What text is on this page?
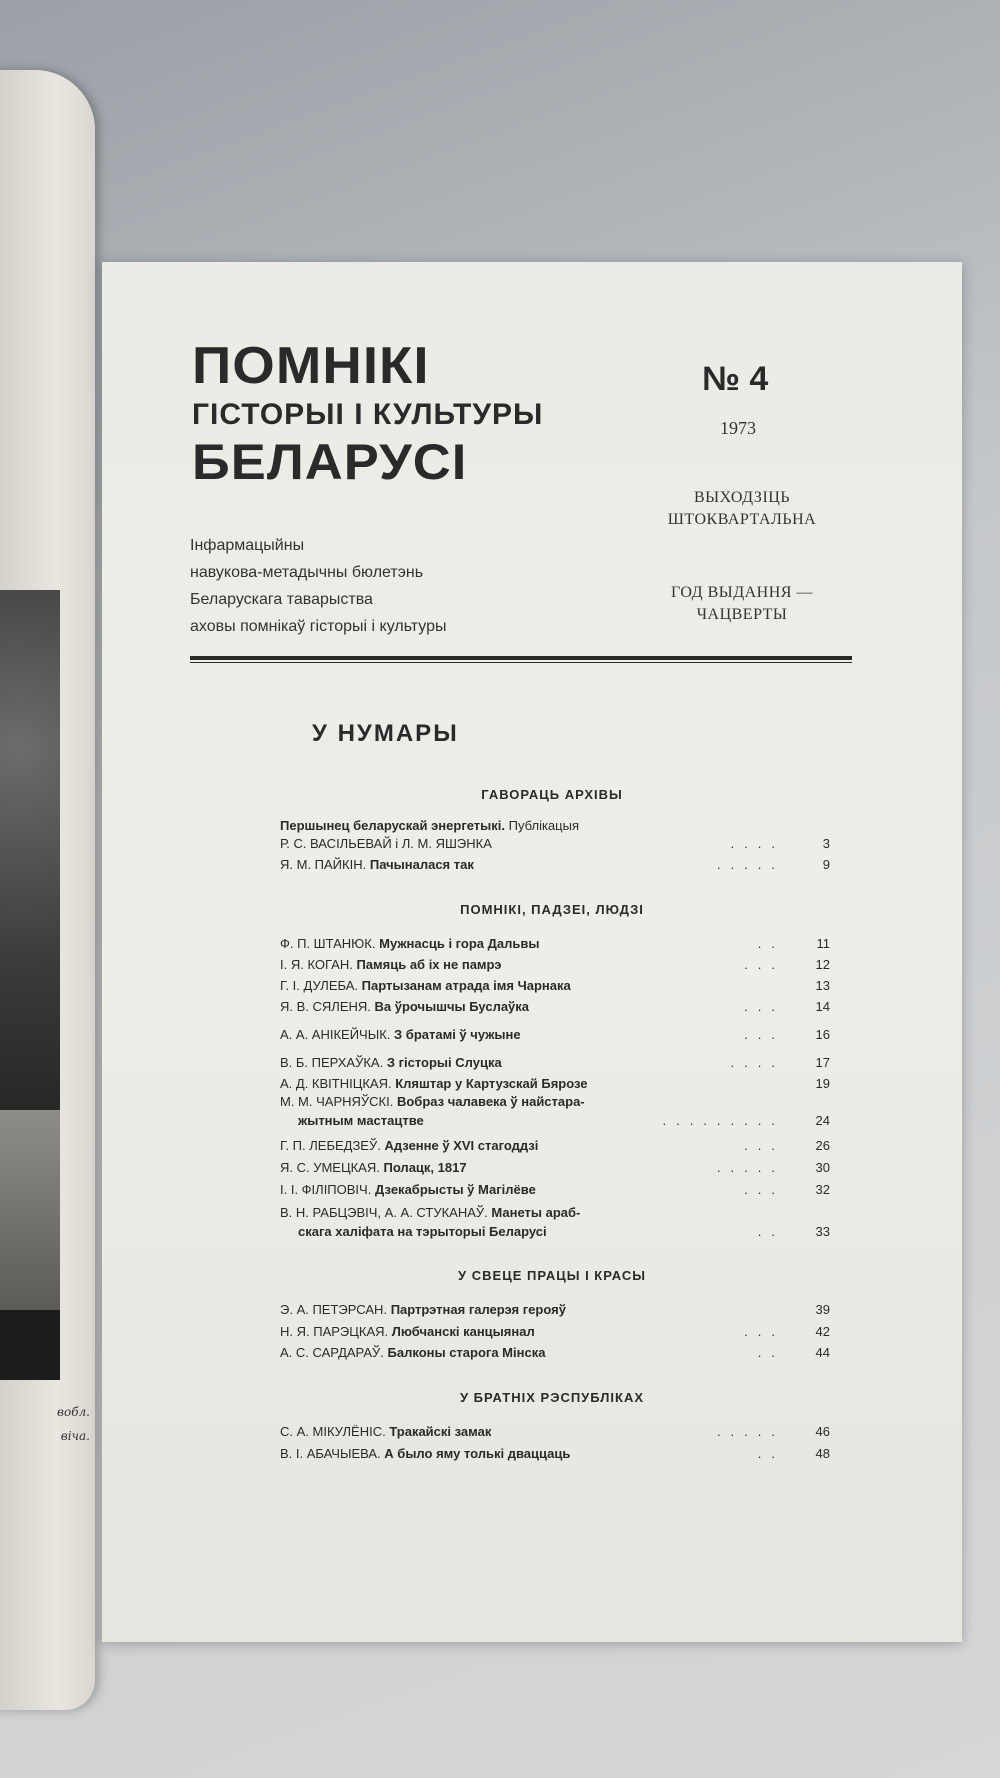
вобл.
віча.
ПОМНІКІ
ГІСТОРЫІ І КУЛЬТУРЫ
БЕЛАРУСІ
№ 4
1973
ВЫХОДЗІЦЬ
ШТОКВАРТАЛЬНА
ГОД ВЫДАННЯ —
ЧАЦВЕРТЫ
Інфармацыйны
навукова-метадычны бюлетэнь
Беларускага таварыства
аховы помнікаў гісторыі і культуры
У НУМАРЫ
ГАВОРАЦЬ АРХІВЫ
Першынец беларускай энергетыкі. Публікацыя
Р. С. ВАСІЛЬЕВАЙ і Л. М. ЯШЭНКА	....	3
Я. М. ПАЙКІН. Пачыналася так	.....	9
ПОМНІКІ, ПАДЗЕІ, ЛЮДЗІ
Ф. П. ШТАНЮК. Мужнасць і гора Дальвы	..	11
І. Я. КОГАН. Памяць аб іх не памрэ	...	12
Г. І. ДУЛЕБА. Партызанам атрада імя Чарнака	13
Я. В. СЯЛЕНЯ. Ва ўрочышчы Буслаўка	...	14
А. А. АНІКЕЙЧЫК. З братамі ў чужыне	...	16
В. Б. ПЕРХАЎКА. З гісторыі Слуцка	....	17
А. Д. КВІТНІЦКАЯ. Кляштар у Картузскай Бярозе	19
М. М. ЧАРНЯЎСКІ. Вобраз чалавека ў найстара-
жытным мастацтве	.........	24
Г. П. ЛЕБЕДЗЕЎ. Адзенне ў XVI стагоддзі	...	26
Я. С. УМЕЦКАЯ. Полацк, 1817	.....	30
І. І. ФІЛІПОВІЧ. Дзекабрысты ў Магілёве	...	32
В. Н. РАБЦЭВІЧ, А. А. СТУКАНАЎ. Манеты араб-
скага халіфата на тэрыторыі Беларусі	..	33
У СВЕЦЕ ПРАЦЫ І КРАСЫ
Э. А. ПЕТЭРСАН. Партрэтная галерэя герояў	39
Н. Я. ПАРЭЦКАЯ. Любчанскі канцыянал	...	42
А. С. САРДАРАЎ. Балконы старога Мінска	..	44
У БРАТНІХ РЭСПУБЛІКАХ
С. А. МІКУЛЁНІС. Тракайскі замак	.....	46
В. І. АБАЧЫЕВА. А было яму толькі дваццаць	..	48
